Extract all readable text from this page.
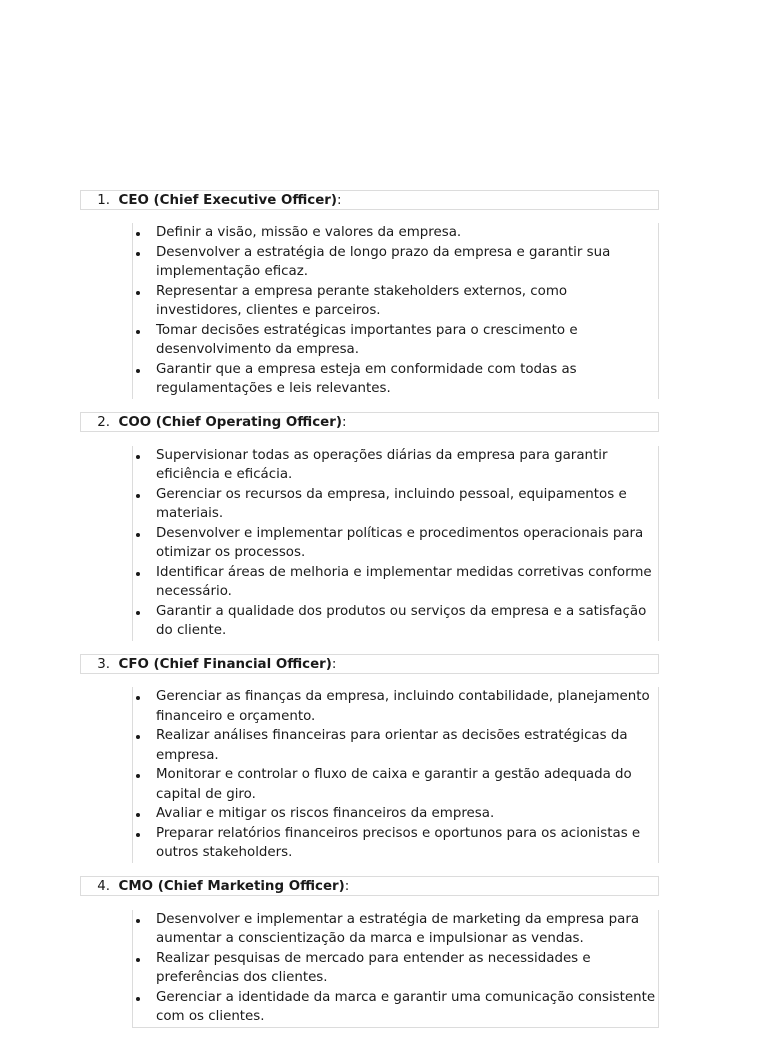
1. CEO (Chief Executive Officer):
Definir a visão, missão e valores da empresa.
Desenvolver a estratégia de longo prazo da empresa e garantir sua implementação eficaz.
Representar a empresa perante stakeholders externos, como investidores, clientes e parceiros.
Tomar decisões estratégicas importantes para o crescimento e desenvolvimento da empresa.
Garantir que a empresa esteja em conformidade com todas as regulamentações e leis relevantes.
2. COO (Chief Operating Officer):
Supervisionar todas as operações diárias da empresa para garantir eficiência e eficácia.
Gerenciar os recursos da empresa, incluindo pessoal, equipamentos e materiais.
Desenvolver e implementar políticas e procedimentos operacionais para otimizar os processos.
Identificar áreas de melhoria e implementar medidas corretivas conforme necessário.
Garantir a qualidade dos produtos ou serviços da empresa e a satisfação do cliente.
3. CFO (Chief Financial Officer):
Gerenciar as finanças da empresa, incluindo contabilidade, planejamento financeiro e orçamento.
Realizar análises financeiras para orientar as decisões estratégicas da empresa.
Monitorar e controlar o fluxo de caixa e garantir a gestão adequada do capital de giro.
Avaliar e mitigar os riscos financeiros da empresa.
Preparar relatórios financeiros precisos e oportunos para os acionistas e outros stakeholders.
4. CMO (Chief Marketing Officer):
Desenvolver e implementar a estratégia de marketing da empresa para aumentar a conscientização da marca e impulsionar as vendas.
Realizar pesquisas de mercado para entender as necessidades e preferências dos clientes.
Gerenciar a identidade da marca e garantir uma comunicação consistente com os clientes.
